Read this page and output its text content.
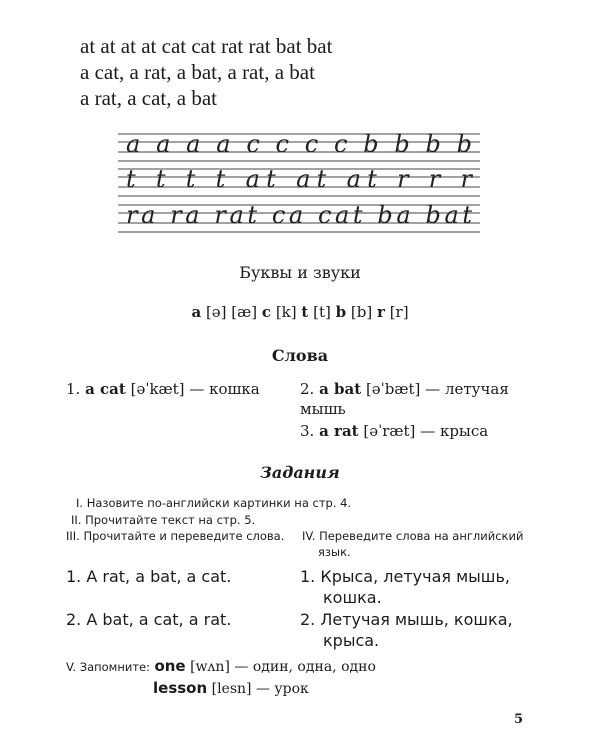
at at at at cat cat rat rat bat bat
a cat, a rat, a bat, a rat, a bat
a rat, a cat, a bat
a a a a c c c c b b b b
t t t t at at at r r r
ra ra rat ca cat ba bat
Буквы и звуки
a [ə] [æ] c [k] t [t] b [b] r [r]
Слова
1. a cat [əˈkæt] — кошка	2. a bat [əˈbæt] — летучая
мышь
3. a rat [əˈræt] — крыса
Задания
I. Назовите по-английски картинки на стр. 4.
II. Прочитайте текст на стр. 5.
III. Прочитайте и переведите слова. IV. Переведите слова на английский
язык.
1. A rat, a bat, a cat.	1. Крыса, летучая мышь,
кошка.
2. A bat, a cat, a rat.	2. Летучая мышь, кошка,
крыса.
V. Запомните: one [wʌn] — один, одна, одно
lesson [lesn] — урок
5
